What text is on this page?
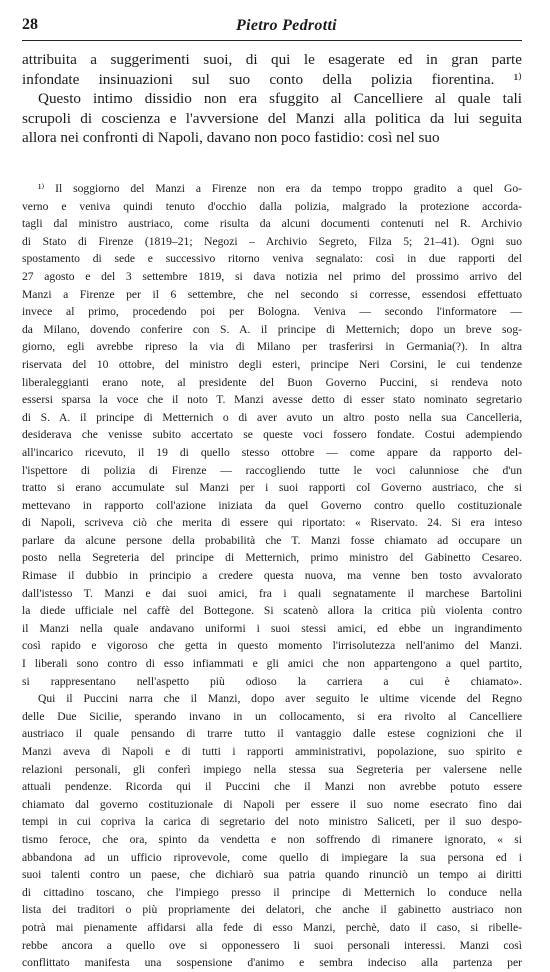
28	Pietro Pedrotti
attribuita a suggerimenti suoi, di qui le esagerate ed in gran parte
infondate insinuazioni sul suo conto della polizia fiorentina. ¹⁾
Questo intimo dissidio non era sfuggito al Cancelliere al quale tali
scrupoli di coscienza e l'avversione del Manzi alla politica da lui seguita
allora nei confronti di Napoli, davano non poco fastidio: così nel suo
¹⁾ Il soggiorno del Manzi a Firenze non era da tempo troppo gradito a quel Go-
verno e veniva quindi tenuto d'occhio dalla polizia, malgrado la protezione accorda-
tagli dal ministro austriaco, come risulta da alcuni documenti contenuti nel R. Archivio
di Stato di Firenze (1819–21; Negozi – Archivio Segreto, Filza 5; 21–41). Ogni suo
spostamento di sede e successivo ritorno veniva segnalato: così in due rapporti del
27 agosto e del 3 settembre 1819, si dava notizia nel primo del prossimo arrivo del
Manzi a Firenze per il 6 settembre, che nel secondo si corresse, essendosi effettuato
invece al primo, procedendo poi per Bologna. Veniva — secondo l'informatore —
da Milano, dovendo conferire con S. A. il principe di Metternich; dopo un breve sog-
giorno, egli avrebbe ripreso la via di Milano per trasferirsi in Germania(?). In altra
riservata del 10 ottobre, del ministro degli esteri, principe Neri Corsini, le cui tendenze
liberaleggianti erano note, al presidente del Buon Governo Puccini, si rendeva noto
essersi sparsa la voce che il noto T. Manzi avesse detto di esser stato nominato segretario
di S. A. il principe di Metternich o di aver avuto un altro posto nella sua Cancelleria,
desiderava che venisse subito accertato se queste voci fossero fondate. Costui adempiendo
all'incarico ricevuto, il 19 di quello stesso ottobre — come appare da rapporto del-
l'ispettore di polizia di Firenze — raccogliendo tutte le voci calunniose che d'un
tratto si erano accumulate sul Manzi per i suoi rapporti col Governo austriaco, che si
mettevano in rapporto coll'azione iniziata da quel Governo contro quello costituzionale
di Napoli, scriveva ciò che merita di essere qui riportato: « Riservato. 24. Si era inteso
parlare da alcune persone della probabilità che T. Manzi fosse chiamato ad occupare un
posto nella Segreteria del principe di Metternich, primo ministro del Gabinetto Cesareo.
Rimase il dubbio in principio a credere questa nuova, ma venne ben tosto avvalorato
dall'istesso T. Manzi e dai suoi amici, fra i quali segnatamente il marchese Bartolini
la diede ufficiale nel caffè del Bottegone. Si scatenò allora la critica più violenta contro
il Manzi nella quale andavano uniformi i suoi stessi amici, ed ebbe un ingrandimento
così rapido e vigoroso che getta in questo momento l'irrisolutezza nell'animo del Manzi.
I liberali sono contro di esso infiammati e gli amici che non appartengono a quel partito,
si rappresentano nell'aspetto più odioso la carriera a cui è chiamato».
Qui il Puccini narra che il Manzi, dopo aver seguito le ultime vicende del Regno
delle Due Sicilie, sperando invano in un collocamento, si era rivolto al Cancelliere
austriaco il quale pensando di trarre tutto il vantaggio dalle estese cognizioni che il
Manzi aveva di Napoli e di tutti i rapporti amministrativi, popolazione, suo spirito e
relazioni personali, gli conferì impiego nella stessa sua Segreteria per valersene nelle
attuali pendenze. Ricorda qui il Puccini che il Manzi non avrebbe potuto essere
chiamato dal governo costituzionale di Napoli per essere il suo nome esecrato fino dai
tempi in cui copriva la carica di segretario del noto ministro Saliceti, per il suo despo-
tismo feroce, che ora, spinto da vendetta e non soffrendo di rimanere ignorato, « si
abbandona ad un ufficio riprovevole, come quello di impiegare la sua persona ed i
suoi talenti contro un paese, che dichiarò sua patria quando rinunciò un tempo ai diritti
di cittadino toscano, che l'impiego presso il principe di Metternich lo conduce nella
lista dei traditori o più propriamente dei delatori, che anche il gabinetto austriaco non
potrà mai pienamente affidarsi alla fede di esso Manzi, perchè, dato il caso, si ribelle-
rebbe ancora a quello ove si opponessero li suoi personali interessi. Manzi così
conflittato manifesta una sospensione d'animo e sembra indeciso alla partenza per
